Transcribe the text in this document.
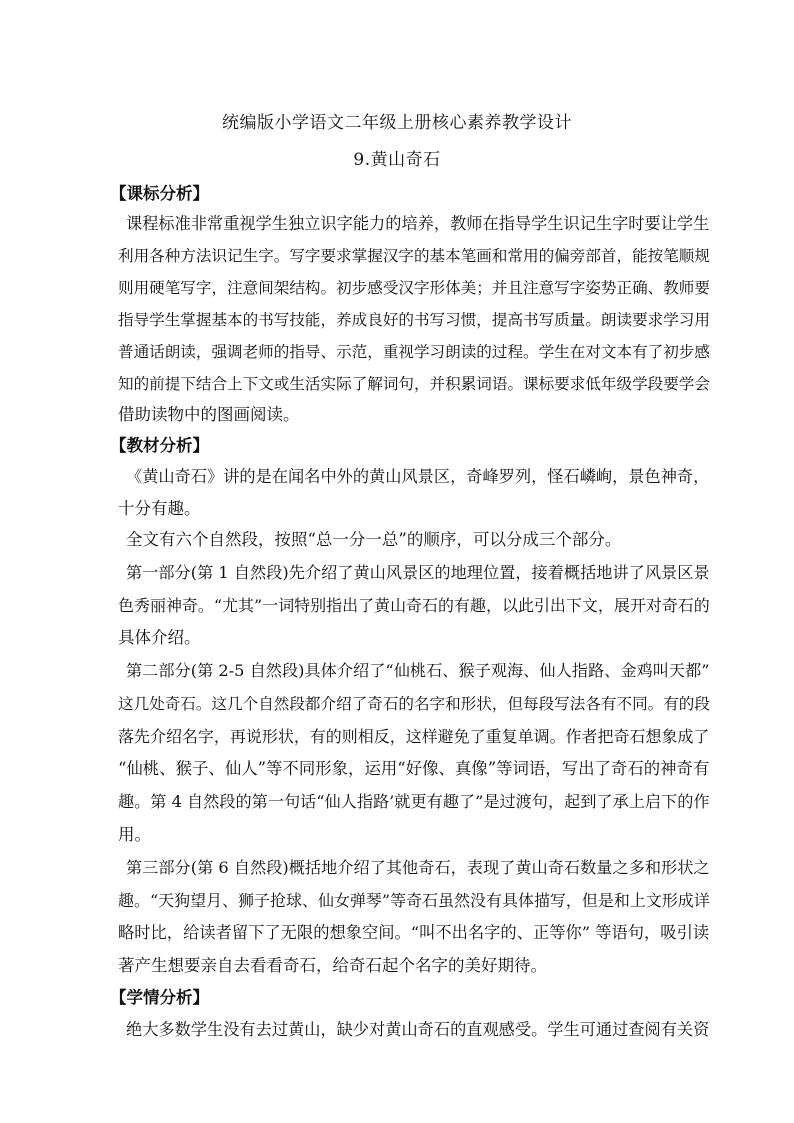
统编版小学语文二年级上册核心素养教学设计
9.黄山奇石

【课标分析】

课程标准非常重视学生独立识字能力的培养，教师在指导学生识记生字时要让学生

利用各种方法识记生字。写字要求掌握汉字的基本笔画和常用的偏旁部首，能按笔顺规

则用硬笔写字，注意间架结构。初步感受汉字形体美；并且注意写字姿势正确、教师要

指导学生掌握基本的书写技能，养成良好的书写习惯，提高书写质量。朗读要求学习用

普通话朗读，强调老师的指导、示范，重视学习朗读的过程。学生在对文本有了初步感

知的前提下结合上下文或生活实际了解词句，并积累词语。课标要求低年级学段要学会

借助读物中的图画阅读。

【教材分析】

《黄山奇石》讲的是在闻名中外的黄山风景区，奇峰罗列，怪石嶙峋，景色神奇，

十分有趣。

全文有六个自然段，按照“总一分一总”的顺序，可以分成三个部分。

第一部分(第 1 自然段)先介绍了黄山风景区的地理位置，接着概括地讲了风景区景

色秀丽神奇。“尤其”一词特别指出了黄山奇石的有趣，以此引出下文，展开对奇石的

具体介绍。

第二部分(第 2-5 自然段)具体介绍了“仙桃石、猴子观海、仙人指路、金鸡叫天都”

这几处奇石。这几个自然段都介绍了奇石的名字和形状，但每段写法各有不同。有的段

落先介绍名字，再说形状，有的则相反，这样避免了重复单调。作者把奇石想象成了

“仙桃、猴子、仙人”等不同形象，运用“好像、真像”等词语，写出了奇石的神奇有

趣。第 4 自然段的第一句话“仙人指路’就更有趣了”是过渡句，起到了承上启下的作

用。

第三部分(第 6 自然段)概括地介绍了其他奇石，表现了黄山奇石数量之多和形状之

趣。“天狗望月、狮子抢球、仙女弹琴”等奇石虽然没有具体描写，但是和上文形成详

略时比，给读者留下了无限的想象空间。“叫不出名字的、正等你” 等语句，吸引读

著产生想要亲自去看看奇石，给奇石起个名字的美好期待。

【学情分析】

绝大多数学生没有去过黄山，缺少对黄山奇石的直观感受。学生可通过查阅有关资
